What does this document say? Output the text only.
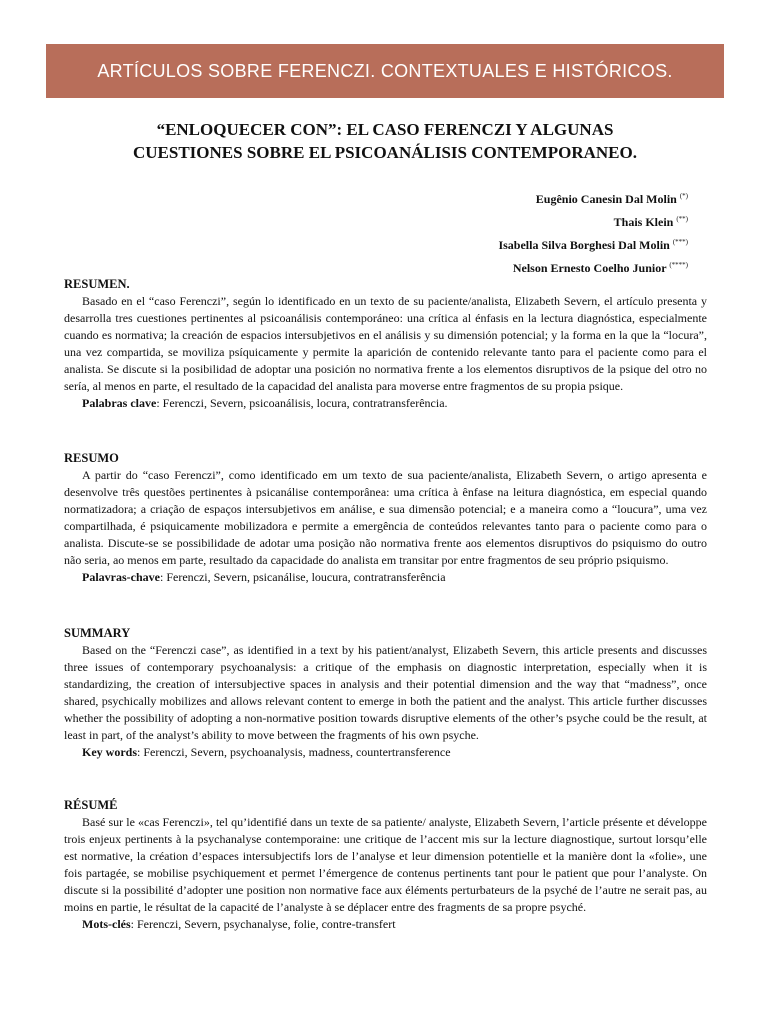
ARTÍCULOS SOBRE FERENCZI. CONTEXTUALES E HISTÓRICOS.
“ENLOQUECER CON”: EL CASO FERENCZI Y ALGUNAS
CUESTIONES SOBRE EL PSICOANÁLISIS CONTEMPORANEO.
Eugênio Canesin Dal Molin (*)
Thais Klein (**)
Isabella Silva Borghesi Dal Molin (***)
Nelson Ernesto Coelho Junior (****)
RESUMEN.

Basado en el “caso Ferenczi”, según lo identificado en un texto de su paciente/analista, Elizabeth Severn, el artículo presenta y desarrolla tres cuestiones pertinentes al psicoanálisis contemporáneo: una crítica al énfasis en la lectura diagnóstica, especialmente cuando es normativa; la creación de espacios intersubjetivos en el análisis y su dimensión potencial; y la forma en la que la “locura”, una vez compartida, se moviliza psíquicamente y permite la aparición de contenido relevante tanto para el paciente como para el analista. Se discute si la posibilidad de adoptar una posición no normativa frente a los elementos disruptivos de la psique del otro no sería, al menos en parte, el resultado de la capacidad del analista para moverse entre fragmentos de su propia psique.

Palabras clave: Ferenczi, Severn, psicoanálisis, locura, contratransferência.

RESUMO

A partir do “caso Ferenczi”, como identificado em um texto de sua paciente/analista, Elizabeth Severn, o artigo apresenta e desenvolve três questões pertinentes à psicanálise contemporânea: uma crítica à ênfase na leitura diagnóstica, em especial quando normatizadora; a criação de espaços intersubjetivos em análise, e sua dimensão potencial; e a maneira como a “loucura”, uma vez compartilhada, é psiquicamente mobilizadora e permite a emergência de conteúdos relevantes tanto para o paciente como para o analista. Discute-se se possibilidade de adotar uma posição não normativa frente aos elementos disruptivos do psiquismo do outro não seria, ao menos em parte, resultado da capacidade do analista em transitar por entre fragmentos de seu próprio psiquismo.

Palavras-chave: Ferenczi, Severn, psicanálise, loucura, contratransferência

SUMMARY

Based on the “Ferenczi case”, as identified in a text by his patient/analyst, Elizabeth Severn, this article presents and discusses three issues of contemporary psychoanalysis: a critique of the emphasis on diagnostic interpretation, especially when it is standardizing, the creation of intersubjective spaces in analysis and their potential dimension and the way that “madness”, once shared, psychically mobilizes and allows relevant content to emerge in both the patient and the analyst. This article further discusses whether the possibility of adopting a non-normative position towards disruptive elements of the other’s psyche could be the result, at least in part, of the analyst’s ability to move between the fragments of his own psyche.

Key words: Ferenczi, Severn, psychoanalysis, madness, countertransference

RÉSUMÉ

Basé sur le «cas Ferenczi», tel qu’identifié dans un texte de sa patiente/ analyste, Elizabeth Severn, l’article présente et développe trois enjeux pertinents à la psychanalyse contemporaine: une critique de l’accent mis sur la lecture diagnostique, surtout lorsqu’elle est normative, la création d’espaces intersubjectifs lors de l’analyse et leur dimension potentielle et la manière dont la «folie», une fois partagée, se mobilise psychiquement et permet l’émergence de contenus pertinents tant pour le patient que pour l’analyste. On discute si la possibilité d’adopter une position non normative face aux éléments perturbateurs de la psyché de l’autre ne serait pas, au moins en partie, le résultat de la capacité de l’analyste à se déplacer entre des fragments de sa propre psyché.

Mots-clés: Ferenczi, Severn, psychanalyse, folie, contre-transfert
